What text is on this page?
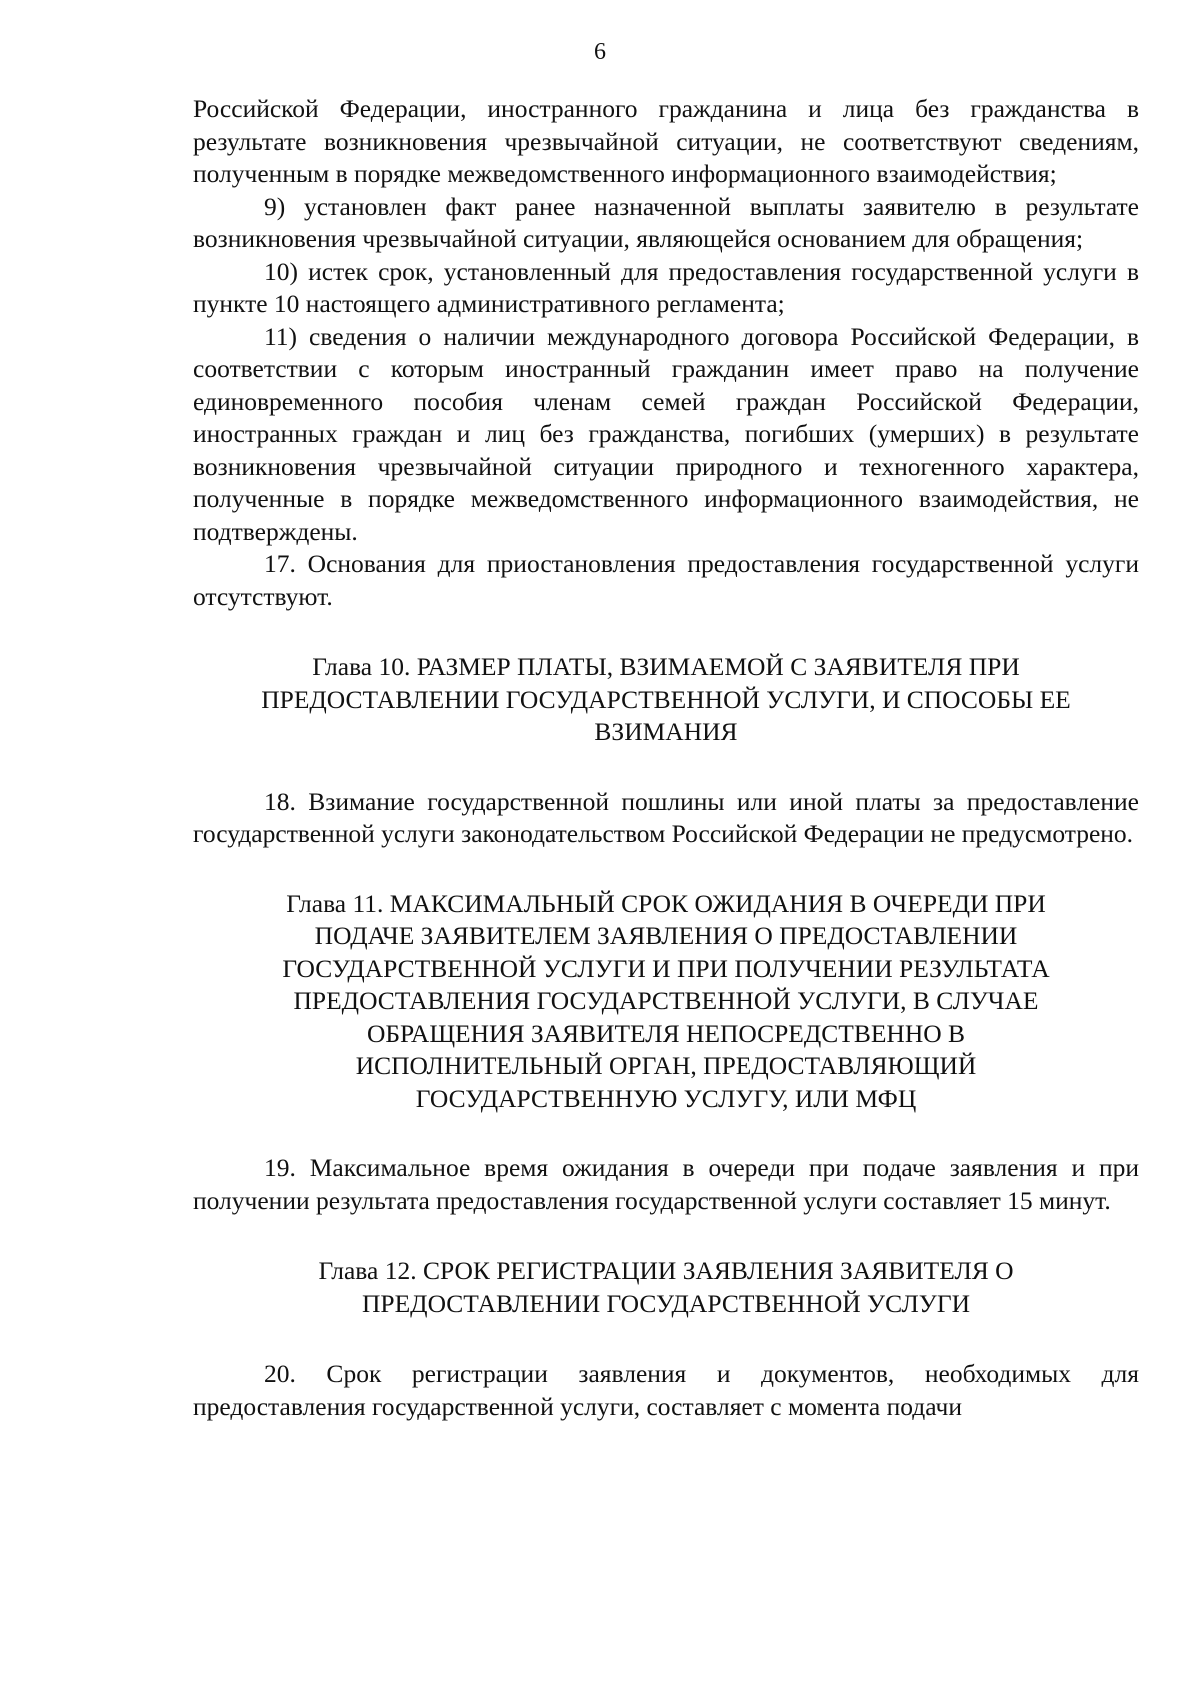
6

Российской Федерации, иностранного гражданина и лица без гражданства в результате возникновения чрезвычайной ситуации, не соответствуют сведениям, полученным в порядке межведомственного информационного взаимодействия;

9) установлен факт ранее назначенной выплаты заявителю в результате возникновения чрезвычайной ситуации, являющейся основанием для обращения;

10) истек срок, установленный для предоставления государственной услуги в пункте 10 настоящего административного регламента;

11) сведения о наличии международного договора Российской Федерации, в соответствии с которым иностранный гражданин имеет право на получение единовременного пособия членам семей граждан Российской Федерации, иностранных граждан и лиц без гражданства, погибших (умерших) в результате возникновения чрезвычайной ситуации природного и техногенного характера, полученные в порядке межведомственного информационного взаимодействия, не подтверждены.

17. Основания для приостановления предоставления государственной услуги отсутствуют.

Глава 10. РАЗМЕР ПЛАТЫ, ВЗИМАЕМОЙ С ЗАЯВИТЕЛЯ ПРИ

ПРЕДОСТАВЛЕНИИ ГОСУДАРСТВЕННОЙ УСЛУГИ, И СПОСОБЫ ЕЕ

ВЗИМАНИЯ

18. Взимание государственной пошлины или иной платы за предоставление государственной услуги законодательством Российской Федерации не предусмотрено.

Глава 11. МАКСИМАЛЬНЫЙ СРОК ОЖИДАНИЯ В ОЧЕРЕДИ ПРИ

ПОДАЧЕ ЗАЯВИТЕЛЕМ ЗАЯВЛЕНИЯ О ПРЕДОСТАВЛЕНИИ

ГОСУДАРСТВЕННОЙ УСЛУГИ И ПРИ ПОЛУЧЕНИИ РЕЗУЛЬТАТА

ПРЕДОСТАВЛЕНИЯ ГОСУДАРСТВЕННОЙ УСЛУГИ, В СЛУЧАЕ

ОБРАЩЕНИЯ ЗАЯВИТЕЛЯ НЕПОСРЕДСТВЕННО В

ИСПОЛНИТЕЛЬНЫЙ ОРГАН, ПРЕДОСТАВЛЯЮЩИЙ

ГОСУДАРСТВЕННУЮ УСЛУГУ, ИЛИ МФЦ

19. Максимальное время ожидания в очереди при подаче заявления и при получении результата предоставления государственной услуги составляет 15 минут.

Глава 12. СРОК РЕГИСТРАЦИИ ЗАЯВЛЕНИЯ ЗАЯВИТЕЛЯ О

ПРЕДОСТАВЛЕНИИ ГОСУДАРСТВЕННОЙ УСЛУГИ

20. Срок регистрации заявления и документов, необходимых для предоставления государственной услуги, составляет с момента подачи
